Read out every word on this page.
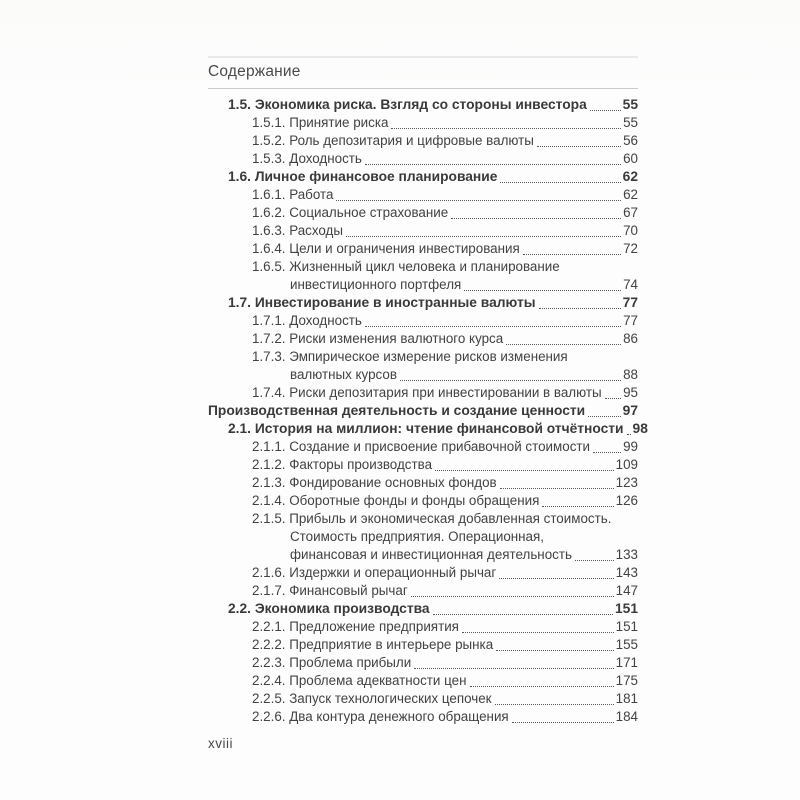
Содержание
1.5. Экономика риска. Взгляд со стороны инвестора	55
1.5.1. Принятие риска	55
1.5.2. Роль депозитария и цифровые валюты	56
1.5.3. Доходность	60
1.6. Личное финансовое планирование	62
1.6.1. Работа	62
1.6.2. Социальное страхование	67
1.6.3. Расходы	70
1.6.4. Цели и ограничения инвестирования	72
1.6.5. Жизненный цикл человека и планирование
инвестиционного портфеля	74
1.7. Инвестирование в иностранные валюты	77
1.7.1. Доходность	77
1.7.2. Риски изменения валютного курса	86
1.7.3. Эмпирическое измерение рисков изменения
валютных курсов	88
1.7.4. Риски депозитария при инвестировании в валюты 95
Производственная деятельность и создание ценности	97
2.1. История на миллион: чтение финансовой отчётности 98
2.1.1. Создание и присвоение прибавочной стоимости 99
2.1.2. Факторы производства	109
2.1.3. Фондирование основных фондов	123
2.1.4. Оборотные фонды и фонды обращения	126
2.1.5. Прибыль и экономическая добавленная стоимость.
Стоимость предприятия. Операционная,
финансовая и инвестиционная деятельность	133
2.1.6. Издержки и операционный рычаг	143
2.1.7. Финансовый рычаг	147
2.2. Экономика производства	151
2.2.1. Предложение предприятия	151
2.2.2. Предприятие в интерьере рынка	155
2.2.3. Проблема прибыли	171
2.2.4. Проблема адекватности цен	175
2.2.5. Запуск технологических цепочек	181
2.2.6. Два контура денежного обращения	184
xviii
